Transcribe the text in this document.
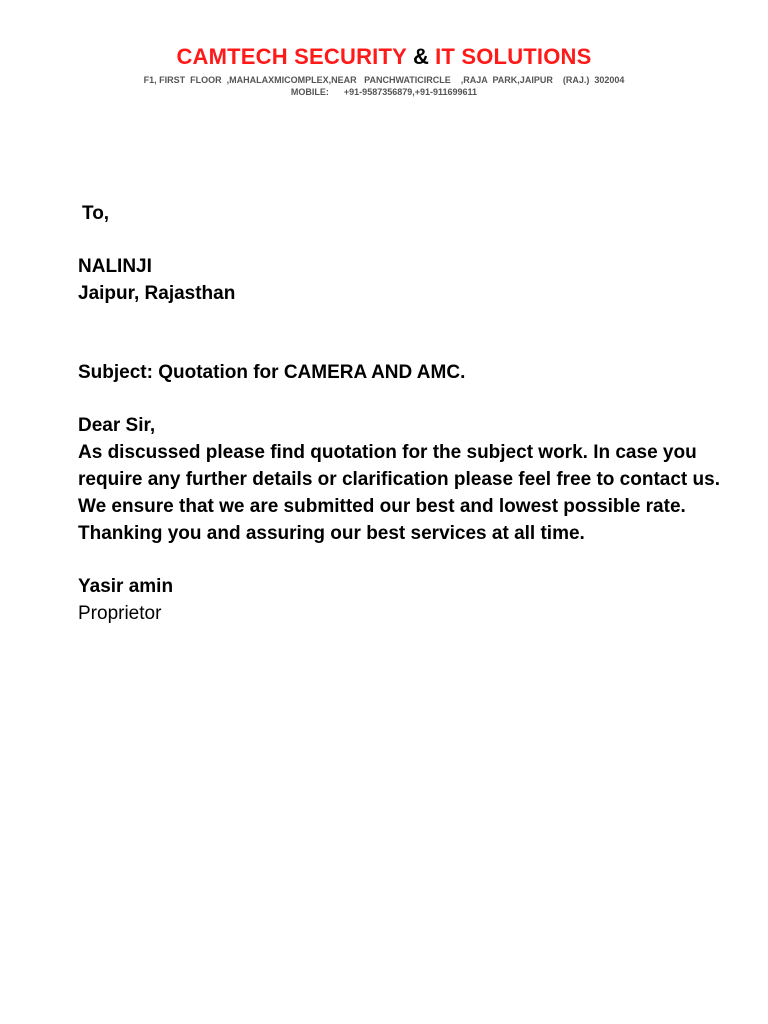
CAMTECH SECURITY & IT SOLUTIONS
F1, FIRST  FLOOR  ,MAHALAXMICOMPLEX,NEAR   PANCHWATICIRCLE    ,RAJA  PARK,JAIPUR    (RAJ.)  302004
MOBILE:      +91-9587356879,+91-911699611
To,
NALINJI
Jaipur, Rajasthan
Subject: Quotation for CAMERA AND AMC.
Dear Sir,
As discussed please find quotation for the subject work. In case you require any further details or clarification please feel free to contact us.
We ensure that we are submitted our best and lowest possible rate.
Thanking you and assuring our best services at all time.
Yasir amin
Proprietor
